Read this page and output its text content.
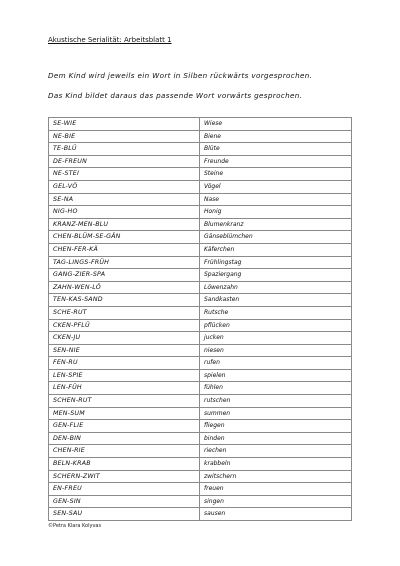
Akustische Serialität: Arbeitsblatt 1
Dem Kind wird jeweils ein Wort in Silben rückwärts vorgesprochen.
Das Kind bildet daraus das passende Wort vorwärts gesprochen.
SE-WIE	Wiese
NE-BIE	Biene
TE-BLÜ	Blüte
DE-FREUN	Freunde
NE-STEI	Steine
GEL-VÖ	Vögel
SE-NA	Nase
NIG-HO	Honig
KRANZ-MEN-BLU	Blumenkranz
CHEN-BLÜM-SE-GÄN	Gänseblümchen
CHEN-FER-KÄ	Käferchen
TAG-LINGS-FRÜH	Frühlingstag
GANG-ZIER-SPA	Spaziergang
ZAHN-WEN-LÖ	Löwenzahn
TEN-KAS-SAND	Sandkasten
SCHE-RUT	Rutsche
CKEN-PFLÜ	pflücken
CKEN-JU	jucken
SEN-NIE	niesen
FEN-RU	rufen
LEN-SPIE	spielen
LEN-FÜH	fühlen
SCHEN-RUT	rutschen
MEN-SUM	summen
GEN-FLIE	fliegen
DEN-BIN	binden
CHEN-RIE	riechen
BELN-KRAB	krabbeln
SCHERN-ZWIT	zwitschern
EN-FREU	freuen
GEN-SIN	singen
SEN-SAU	sausen
©Petra Klara Kolyvas
